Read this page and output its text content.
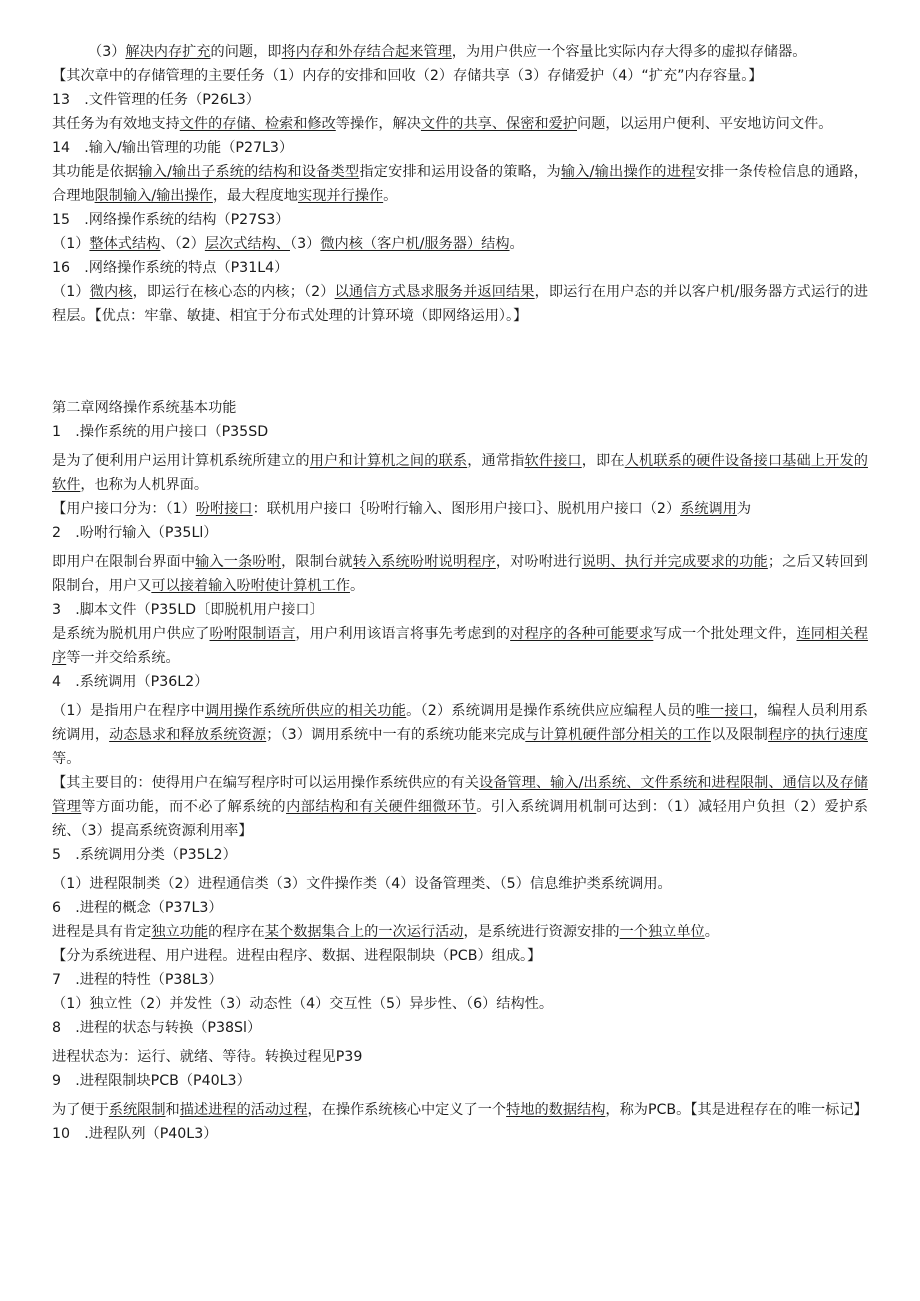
（3）解决内存扩充的问题，即将内存和外存结合起来管理，为用户供应一个容量比实际内存大得多的虚拟存储器。

【其次章中的存储管理的主要任务（1）内存的安排和回收（2）存储共享（3）存储爱护（4）“扩充”内存容量。】

13　.文件管理的任务（P26L3）

其任务为有效地支持文件的存储、检索和修改等操作，解决文件的共享、保密和爱护问题，以运用户便利、平安地访问文件。

14　.输入/输出管理的功能（P27L3）

其功能是依据输入/输出子系统的结构和设备类型指定安排和运用设备的策略，为输入/输出操作的进程安排一条传检信息的通路，合理地限制输入/输出操作，最大程度地实现并行操作。

15　.网络操作系统的结构（P27S3）

（1）整体式结构、（2）层次式结构、（3）微内核（客户机/服务器）结构。

16　.网络操作系统的特点（P31L4）

（1）微内核，即运行在核心态的内核；（2）以通信方式恳求服务并返回结果，即运行在用户态的并以客户机/服务器方式运行的进程层。【优点：牢靠、敏捷、相宜于分布式处理的计算环境（即网络运用）。】

第二章网络操作系统基本功能

1　.操作系统的用户接口（P35SD

是为了便利用户运用计算机系统所建立的用户和计算机之间的联系，通常指软件接口，即在人机联系的硬件设备接口基础上开发的软件，也称为人机界面。

【用户接口分为：（1）吩咐接口：联机用户接口｛吩咐行输入、图形用户接口｝、脱机用户接口（2）系统调用为

2　.吩咐行输入（P35Ll）

即用户在限制台界面中输入一条吩咐，限制台就转入系统吩咐说明程序，对吩咐进行说明、执行并完成要求的功能；之后又转回到限制台，用户又可以接着输入吩咐使计算机工作。

3　.脚本文件（P35LD〔即脱机用户接口〕

是系统为脱机用户供应了吩咐限制语言，用户利用该语言将事先考虑到的对程序的各种可能要求写成一个批处理文件，连同相关程序等一并交给系统。

4　.系统调用（P36L2）

（1）是指用户在程序中调用操作系统所供应的相关功能。（2）系统调用是操作系统供应应编程人员的唯一接口，编程人员利用系统调用，动态恳求和释放系统资源；（3）调用系统中一有的系统功能来完成与计算机硬件部分相关的工作以及限制程序的执行速度等。

【其主要目的：使得用户在编写程序时可以运用操作系统供应的有关设备管理、输入/出系统、文件系统和进程限制、通信以及存储管理等方面功能，而不必了解系统的内部结构和有关硬件细微环节。引入系统调用机制可达到：（1）减轻用户负担（2）爱护系统、（3）提高系统资源利用率】

5　.系统调用分类（P35L2）

（1）进程限制类（2）进程通信类（3）文件操作类（4）设备管理类、（5）信息维护类系统调用。

6　.进程的概念（P37L3）

进程是具有肯定独立功能的程序在某个数据集合上的一次运行活动，是系统进行资源安排的一个独立单位。

【分为系统进程、用户进程。进程由程序、数据、进程限制块（PCB）组成。】

7　.进程的特性（P38L3）

（1）独立性（2）并发性（3）动态性（4）交互性（5）异步性、（6）结构性。

8　.进程的状态与转换（P38Sl）

进程状态为：运行、就绪、等待。转换过程见P39

9　.进程限制块PCB（P40L3）

为了便于系统限制和描述进程的活动过程，在操作系统核心中定义了一个特地的数据结构，称为PCB。【其是进程存在的唯一标记】

10　.进程队列（P40L3）
